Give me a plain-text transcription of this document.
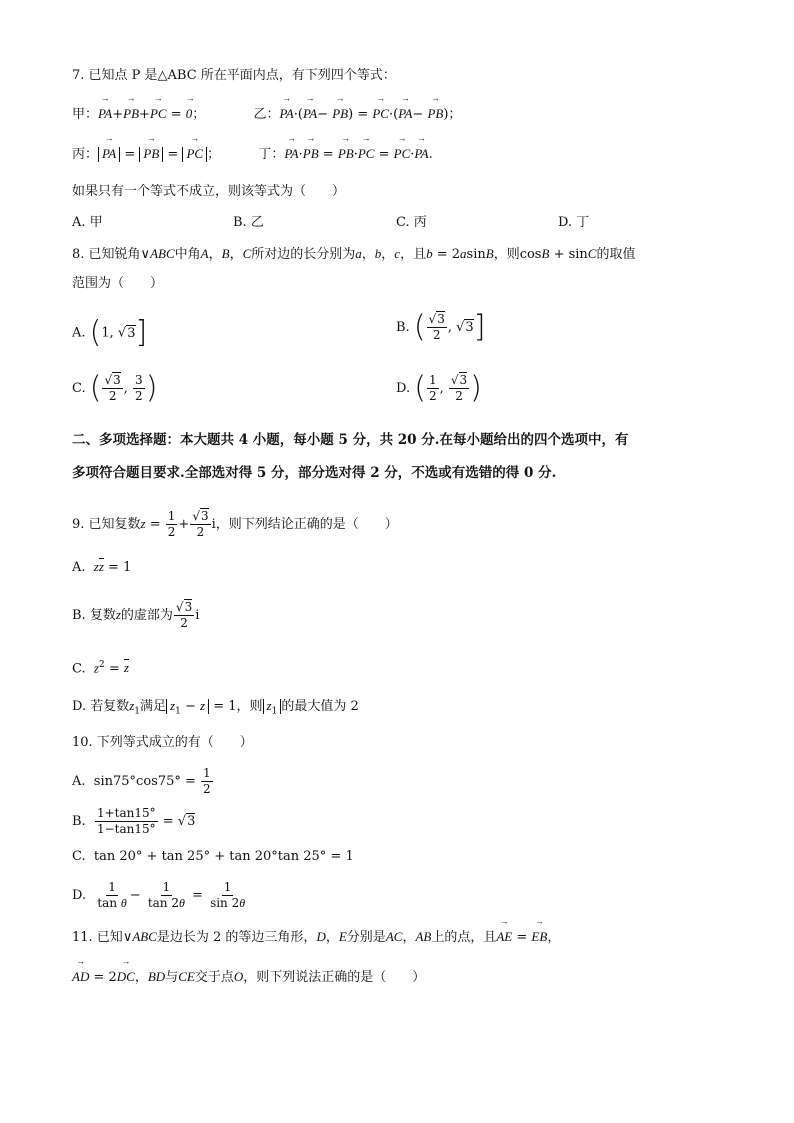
7. 已知点 P 是△ABC 所在平面内点，有下列四个等式：
甲：→ PA+→ PB+→ PC = → 0；	乙：→ PA·(→ PA− → PB) = → PC·(→ PA− → PB)；
丙：→ PA = → PB = → PC ；	丁：→ PA·→ PB = → PB·→ PC = → PC·→ PA.
如果只有一个等式不成立，则该等式为（　　）
A. 甲	B. 乙	C. 丙	D. 丁
8. 已知锐角∨ABC中角A，B，C所对边的长分别为a，b，c，且b = 2asinB，则cosB + sinC的取值
范围为（　　）
A. (1, √3]	B. ( $\frac{√3}{2}$ , √3]
C. ( $\frac{√3}{2}$ , $\frac{3}{2}$ )	D. ( $\frac{1}{2}$ , $\frac{√3}{2}$ )
二、多项选择题：本大题共 4 小题，每小题 5 分，共 20 分.在每小题给出的四个选项中，有
多项符合题目要求.全部选对得 5 分，部分选对得 2 分，不选或有选错的得 0 分.
9. 已知复数$z = \frac{1}{2} + \frac{√3}{2}$ i，则下列结论正确的是（　　）
A. zz = 1
B. 复数z的虚部为 $\frac{√3}{2}$ i
C. $z^2 = z$
D. 若复数$z_1$满足 $z_1 - z = 1$，则 $z_1$ 的最大值为 2
10. 下列等式成立的有（　　）
A.  $\sin 75^\circ\cos 75^\circ = \frac{1}{2}$
B. $\frac{1+\tan 15^\circ}{1-\tan 15^\circ} = √3$
C.  tan 20° + tan 25° + tan 20°tan 25° = 1
D. $\frac{1}{\text{tan θ}} - \frac{1}{\tan 2\theta} = \frac{1}{\sin 2\theta}$
11. 已知∨ABC是边长为 2 的等边三角形，D，E分别是AC，AB上的点，且→ AE = → EB，
→ AD = 2→ DC，BD与CE交于点O，则下列说法正确的是（　　）
